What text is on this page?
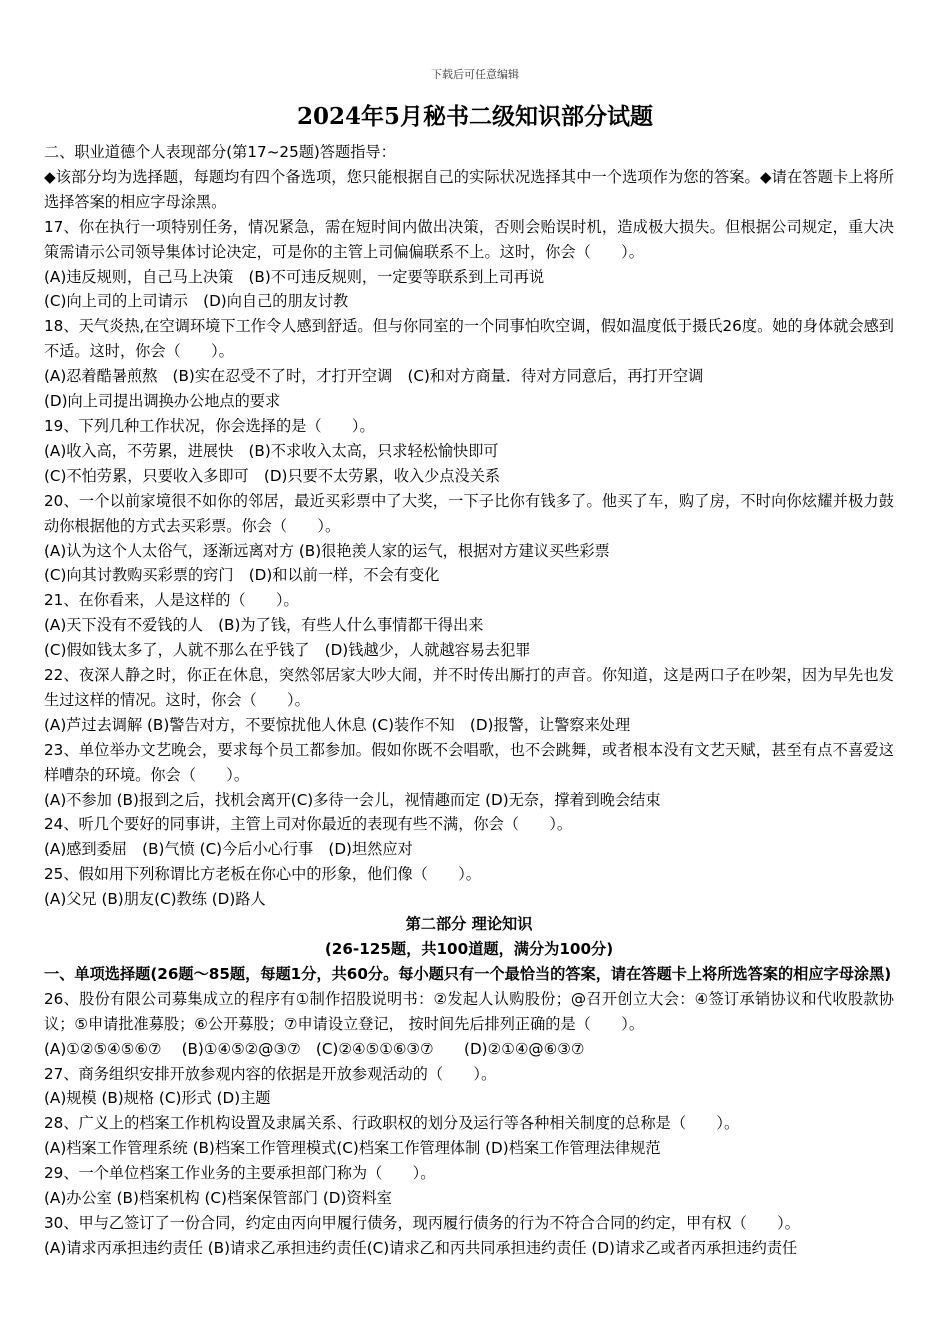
下载后可任意编辑
2024年5月秘书二级知识部分试题

二、职业道德个人表现部分(第17~25题)答题指导：

◆该部分均为选择题，每题均有四个备选项，您只能根据自己的实际状况选择其中一个选项作为您的答案。◆请在答题卡上将所选择答案的相应字母涂黑。

17、你在执行一项特别任务，情况紧急，需在短时间内做出决策，否则会贻误时机，造成极大损失。但根据公司规定，重大决策需请示公司领导集体讨论决定，可是你的主管上司偏偏联系不上。这时，你会（　　）。

(A)违反规则，自己马上决策　(B)不可违反规则，一定要等联系到上司再说

(C)向上司的上司请示　(D)向自己的朋友讨教

18、天气炎热,在空调环境下工作令人感到舒适。但与你同室的一个同事怕吹空调，假如温度低于摄氏26度。她的身体就会感到不适。这时，你会（　　）。

(A)忍着酷暑煎熬　(B)实在忍受不了时，才打开空调　(C)和对方商量．待对方同意后，再打开空调

(D)向上司提出调换办公地点的要求

19、下列几种工作状况，你会选择的是（　　）。

(A)收入高，不劳累，进展快　(B)不求收入太高，只求轻松愉快即可

(C)不怕劳累，只要收入多即可　(D)只要不太劳累，收入少点没关系

20、一个以前家境很不如你的邻居，最近买彩票中了大奖，一下子比你有钱多了。他买了车，购了房，不时向你炫耀并极力鼓动你根据他的方式去买彩票。你会（　　）。

(A)认为这个人太俗气，逐渐远离对方 (B)很艳羡人家的运气，根据对方建议买些彩票

(C)向其讨教购买彩票的窍门　(D)和以前一样，不会有变化

21、在你看来，人是这样的（　　）。

(A)天下没有不爱钱的人　(B)为了钱，有些人什么事情都干得出来

(C)假如钱太多了，人就不那么在乎钱了　(D)钱越少，人就越容易去犯罪

22、夜深人静之时，你正在休息，突然邻居家大吵大闹，并不时传出厮打的声音。你知道，这是两口子在吵架，因为早先也发生过这样的情况。这时，你会（　　）。

(A)芦过去调解 (B)警告对方，不要惊扰他人休息 (C)装作不知　(D)报警，让警察来处理

23、单位举办文艺晚会，要求每个员工都参加。假如你既不会唱歌，也不会跳舞，或者根本没有文艺天赋，甚至有点不喜爱这样嘈杂的环境。你会（　　）。

(A)不参加 (B)报到之后，找机会离开(C)多待一会儿，视情趣而定 (D)无奈，撑着到晚会结束

24、听几个要好的同事讲，主管上司对你最近的表现有些不满，你会（　　）。

(A)感到委屈　(B)气愤 (C)今后小心行事　(D)坦然应对

25、假如用下列称谓比方老板在你心中的形象，他们像（　　）。

(A)父兄 (B)朋友(C)教练 (D)路人

第二部分 理论知识

(26-125题，共100道题，满分为100分)

一、单项选择题(26题～85题，每题1分，共60分。每小题只有一个最恰当的答案，请在答题卡上将所选答案的相应字母涂黑)

26、股份有限公司募集成立的程序有①制作招股说明书：②发起人认购股份；@召开创立大会：④签订承销协议和代收股款协议；⑤申请批准募股；⑥公开募股；⑦申请设立登记， 按时间先后排列正确的是（　　）。

(A)①②⑤④⑤⑥⑦　 (B)①④⑤②@③⑦　(C)②④⑤①⑥③⑦　　(D)②①④@⑥③⑦

27、商务组织安排开放参观内容的依据是开放参观活动的（　　）。

(A)规模 (B)规格 (C)形式 (D)主题

28、广义上的档案工作机构设置及隶属关系、行政职权的划分及运行等各种相关制度的总称是（　　）。

(A)档案工作管理系统 (B)档案工作管理模式(C)档案工作管理体制 (D)档案工作管理法律规范

29、一个单位档案工作业务的主要承担部门称为（　　）。

(A)办公室 (B)档案机构 (C)档案保管部门 (D)资料室

30、甲与乙签订了一份合同，约定由丙向甲履行债务，现丙履行债务的行为不符合合同的约定，甲有权（　　）。

(A)请求丙承担违约责任 (B)请求乙承担违约责任(C)请求乙和丙共同承担违约责任 (D)请求乙或者丙承担违约责任
